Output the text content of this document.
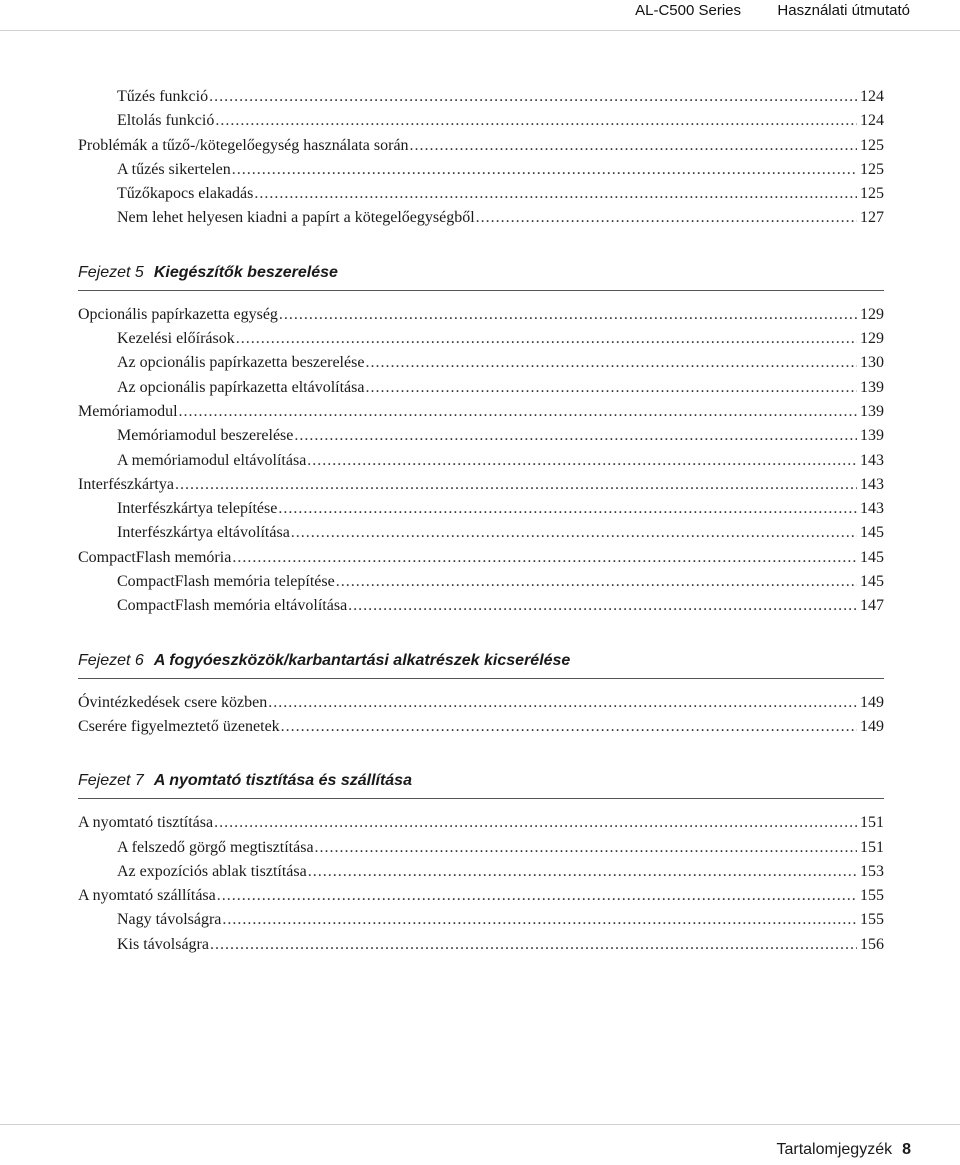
AL-C500 Series Használati útmutató
Tűzés funkció .....	124
Eltolás funkció .....	124
Problémák a tűző-/kötegelőegység használata során .....	125
A tűzés sikertelen .....	125
Tűzőkapocs elakadás .....	125
Nem lehet helyesen kiadni a papírt a kötegelőegységből .....	127
Fejezet 5 Kiegészítők beszerelése
Opcionális papírkazetta egység .....	129
Kezelési előírások .....	129
Az opcionális papírkazetta beszerelése .....	130
Az opcionális papírkazetta eltávolítása .....	139
Memóriamodul .....	139
Memóriamodul beszerelése .....	139
A memóriamodul eltávolítása .....	143
Interfészkártya .....	143
Interfészkártya telepítése .....	143
Interfészkártya eltávolítása .....	145
CompactFlash memória .....	145
CompactFlash memória telepítése .....	145
CompactFlash memória eltávolítása .....	147
Fejezet 6 A fogyóeszközök/karbantartási alkatrészek kicserélése
Óvintézkedések csere közben .....	149
Cserére figyelmeztető üzenetek .....	149
Fejezet 7 A nyomtató tisztítása és szállítása
A nyomtató tisztítása .....	151
A felszedő görgő megtisztítása .....	151
Az expozíciós ablak tisztítása .....	153
A nyomtató szállítása .....	155
Nagy távolságra .....	155
Kis távolságra .....	156
Tartalomjegyzék 8
